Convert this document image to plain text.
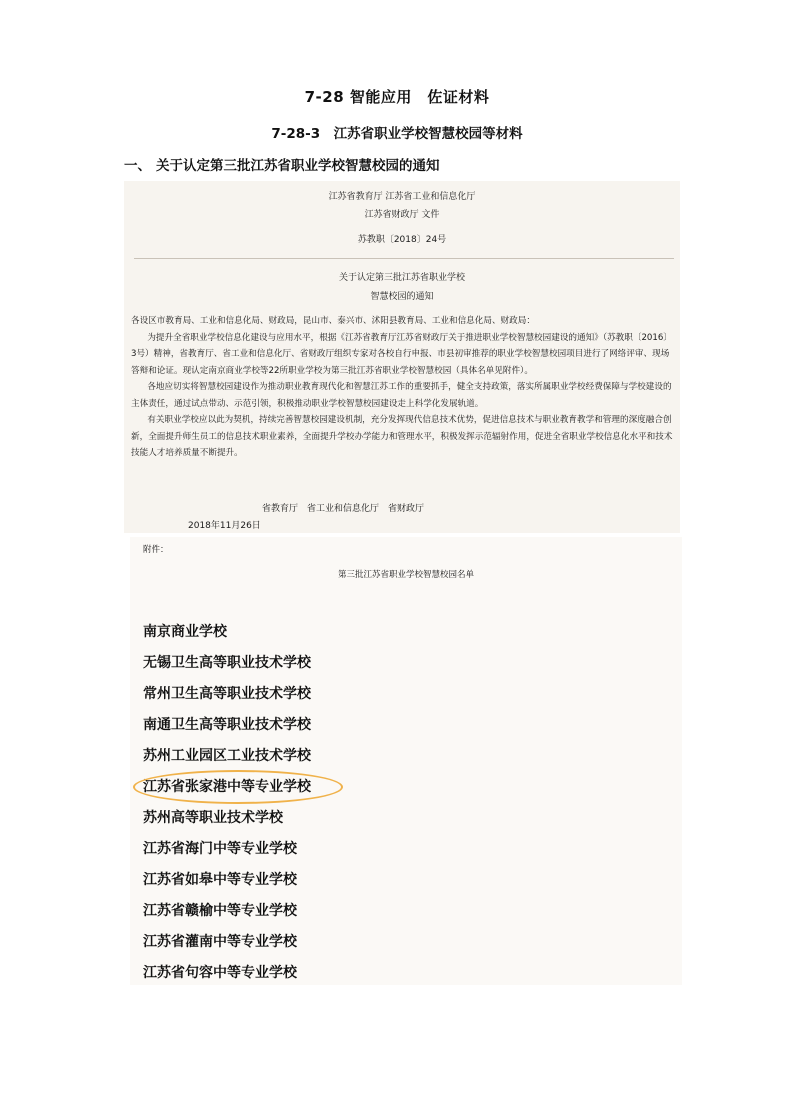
7-28 智能应用　佐证材料
7-28-3　江苏省职业学校智慧校园等材料
一、 关于认定第三批江苏省职业学校智慧校园的通知
江苏省教育厅 江苏省工业和信息化厅
江苏省财政厅 文件
苏教职〔2018〕24号
关于认定第三批江苏省职业学校
智慧校园的通知
各设区市教育局、工业和信息化局、财政局，昆山市、泰兴市、沭阳县教育局、工业和信息化局、财政局：
为提升全省职业学校信息化建设与应用水平，根据《江苏省教育厅江苏省财政厅关于推进职业学校智慧校园建设的通知》（苏教职〔2016〕3号）精神，省教育厅、省工业和信息化厅、省财政厅组织专家对各校自行申报、市县初审推荐的职业学校智慧校园项目进行了网络评审、现场答辩和论证。现认定南京商业学校等22所职业学校为第三批江苏省职业学校智慧校园（具体名单见附件）。
各地应切实将智慧校园建设作为推动职业教育现代化和智慧江苏工作的重要抓手，健全支持政策，落实所属职业学校经费保障与学校建设的主体责任，通过试点带动、示范引领，积极推动职业学校智慧校园建设走上科学化发展轨道。
有关职业学校应以此为契机，持续完善智慧校园建设机制，充分发挥现代信息技术优势，促进信息技术与职业教育教学和管理的深度融合创新，全面提升师生员工的信息技术职业素养，全面提升学校办学能力和管理水平，积极发挥示范辐射作用，促进全省职业学校信息化水平和技术技能人才培养质量不断提升。
省教育厅　省工业和信息化厅　省财政厅
2018年11月26日
附件：
第三批江苏省职业学校智慧校园名单
南京商业学校
无锡卫生高等职业技术学校
常州卫生高等职业技术学校
南通卫生高等职业技术学校
苏州工业园区工业技术学校
江苏省张家港中等专业学校
苏州高等职业技术学校
江苏省海门中等专业学校
江苏省如皋中等专业学校
江苏省赣榆中等专业学校
江苏省灌南中等专业学校
江苏省句容中等专业学校
